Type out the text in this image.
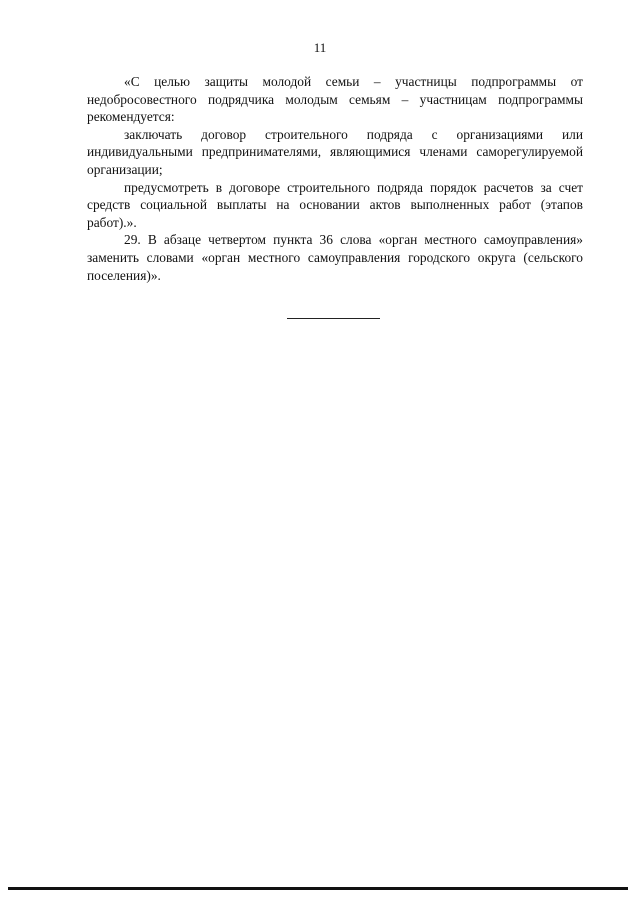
11

«С целью защиты молодой семьи – участницы подпрограммы от недобросовестного подрядчика молодым семьям – участницам подпрограммы рекомендуется:

заключать договор строительного подряда с организациями или индивидуальными предпринимателями, являющимися членами саморегулируемой организации;

предусмотреть в договоре строительного подряда порядок расчетов за счет средств социальной выплаты на основании актов выполненных работ (этапов работ).».

29. В абзаце четвертом пункта 36 слова «орган местного самоуправления» заменить словами «орган местного самоуправления городского округа (сельского поселения)».
